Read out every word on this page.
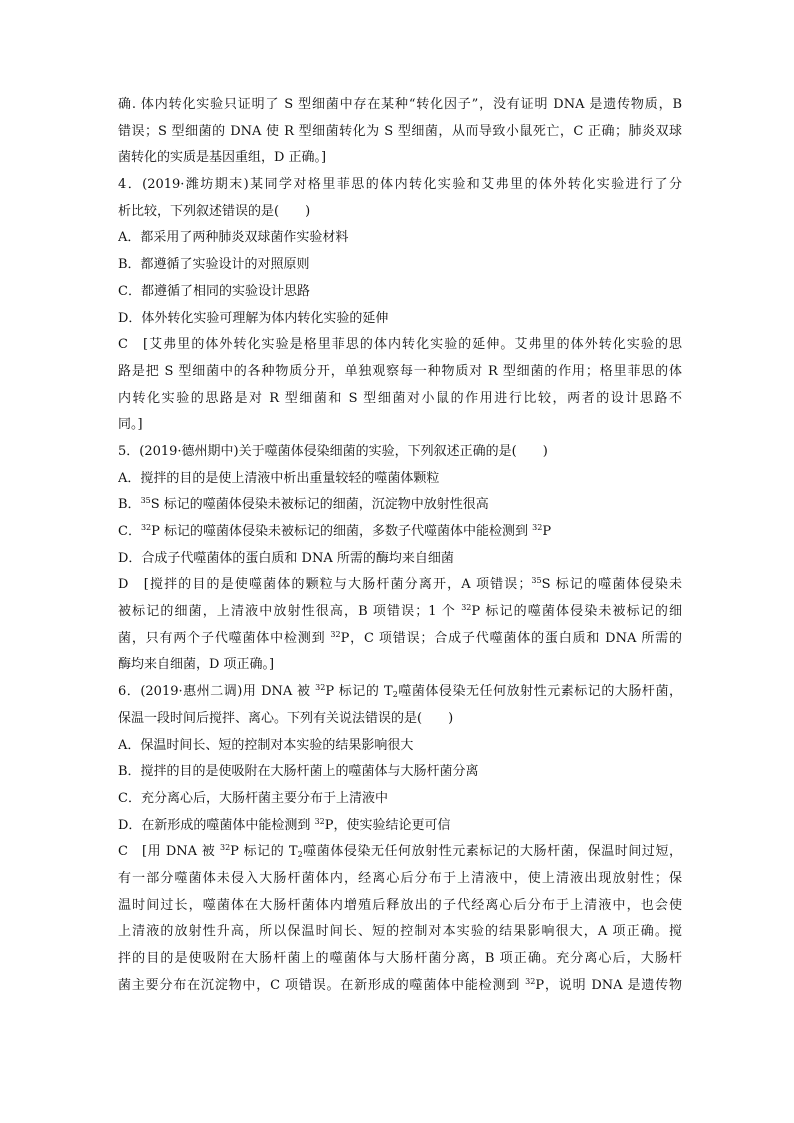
确. 体内转化实验只证明了 S 型细菌中存在某种“转化因子”，没有证明 DNA 是遗传物质，B
错误；S 型细菌的 DNA 使 R 型细菌转化为 S 型细菌，从而导致小鼠死亡，C 正确；肺炎双球
菌转化的实质是基因重组，D 正确。]
4．(2019·潍坊期末)某同学对格里菲思的体内转化实验和艾弗里的体外转化实验进行了分
析比较，下列叙述错误的是(　　)
A．都采用了两种肺炎双球菌作实验材料
B．都遵循了实验设计的对照原则
C．都遵循了相同的实验设计思路
D．体外转化实验可理解为体内转化实验的延伸
C　[艾弗里的体外转化实验是格里菲思的体内转化实验的延伸。艾弗里的体外转化实验的思
路是把 S 型细菌中的各种物质分开，单独观察每一种物质对 R 型细菌的作用；格里菲思的体
内转化实验的思路是对 R 型细菌和 S 型细菌对小鼠的作用进行比较，两者的设计思路不
同。]
5．(2019·德州期中)关于噬菌体侵染细菌的实验，下列叙述正确的是(　　)
A．搅拌的目的是使上清液中析出重量较轻的噬菌体颗粒
B．$^{35}$S 标记的噬菌体侵染未被标记的细菌，沉淀物中放射性很高
C．$^{32}$P 标记的噬菌体侵染未被标记的细菌，多数子代噬菌体中能检测到 $^{32}$P
D．合成子代噬菌体的蛋白质和 DNA 所需的酶均来自细菌
D　[搅拌的目的是使噬菌体的颗粒与大肠杆菌分离开，A 项错误；$^{35}$S 标记的噬菌体侵染未
被标记的细菌，上清液中放射性很高，B 项错误；1 个 $^{32}$P 标记的噬菌体侵染未被标记的细
菌，只有两个子代噬菌体中检测到 $^{32}$P，C 项错误；合成子代噬菌体的蛋白质和 DNA 所需的
酶均来自细菌，D 项正确。]
6．(2019·惠州二调)用 DNA 被 $^{32}$P 标记的 $T_2$噬菌体侵染无任何放射性元素标记的大肠杆菌，
保温一段时间后搅拌、离心。下列有关说法错误的是(　　)
A．保温时间长、短的控制对本实验的结果影响很大
B．搅拌的目的是使吸附在大肠杆菌上的噬菌体与大肠杆菌分离
C．充分离心后，大肠杆菌主要分布于上清液中
D．在新形成的噬菌体中能检测到 $^{32}$P，使实验结论更可信
C　[用 DNA 被 $^{32}$P 标记的 $T_2$噬菌体侵染无任何放射性元素标记的大肠杆菌，保温时间过短，
有一部分噬菌体未侵入大肠杆菌体内，经离心后分布于上清液中，使上清液出现放射性；保
温时间过长，噬菌体在大肠杆菌体内增殖后释放出的子代经离心后分布于上清液中，也会使
上清液的放射性升高，所以保温时间长、短的控制对本实验的结果影响很大，A 项正确。搅
拌的目的是使吸附在大肠杆菌上的噬菌体与大肠杆菌分离，B 项正确。充分离心后，大肠杆
菌主要分布在沉淀物中，C 项错误。在新形成的噬菌体中能检测到 $^{32}$P，说明 DNA 是遗传物
